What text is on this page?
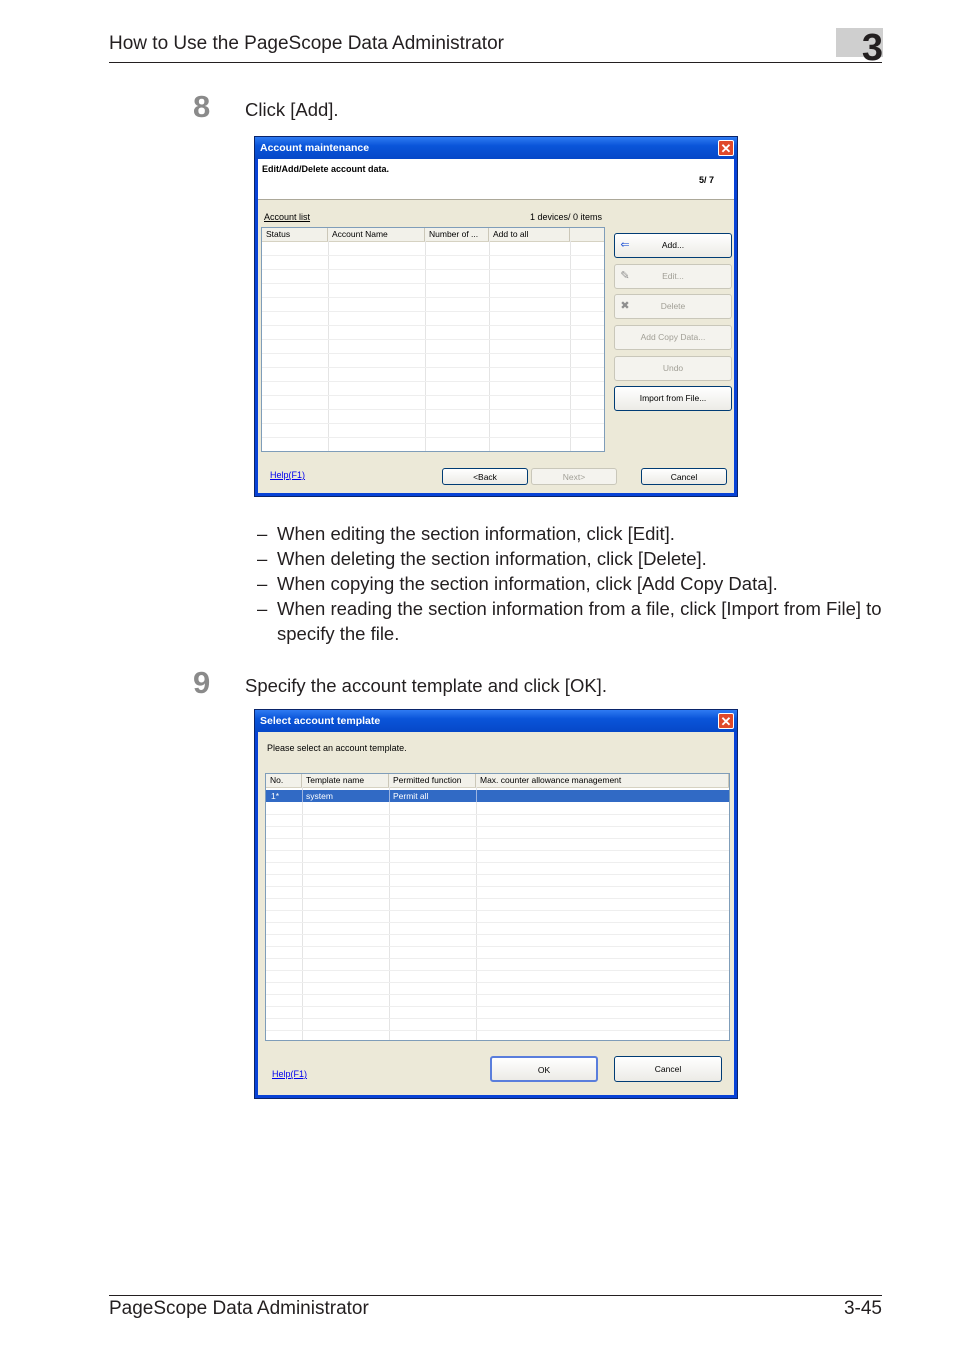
How to Use the PageScope Data Administrator	3
8 Click [Add].
Account maintenance	✕
Edit/Add/Delete account data.
5/ 7
Account list	1 devices/ 0 items
Status	Account Name	Number of ...	Add to all
⇐	Add...
✎	Edit...
✖	Delete
Add Copy Data...
Undo
Import from File...
Help(F1)	<Back	Next>	Cancel
– When editing the section information, click [Edit].
– When deleting the section information, click [Delete].
– When copying the section information, click [Add Copy Data].
– When reading the section information from a file, click [Import from File] to specify the file.
9 Specify the account template and click [OK].
Select account template	✕
Please select an account template.
No.	Template name	Permitted function	Max. counter allowance management
1*	system	Permit all
Help(F1)	OK	Cancel
PageScope Data Administrator	3-45
